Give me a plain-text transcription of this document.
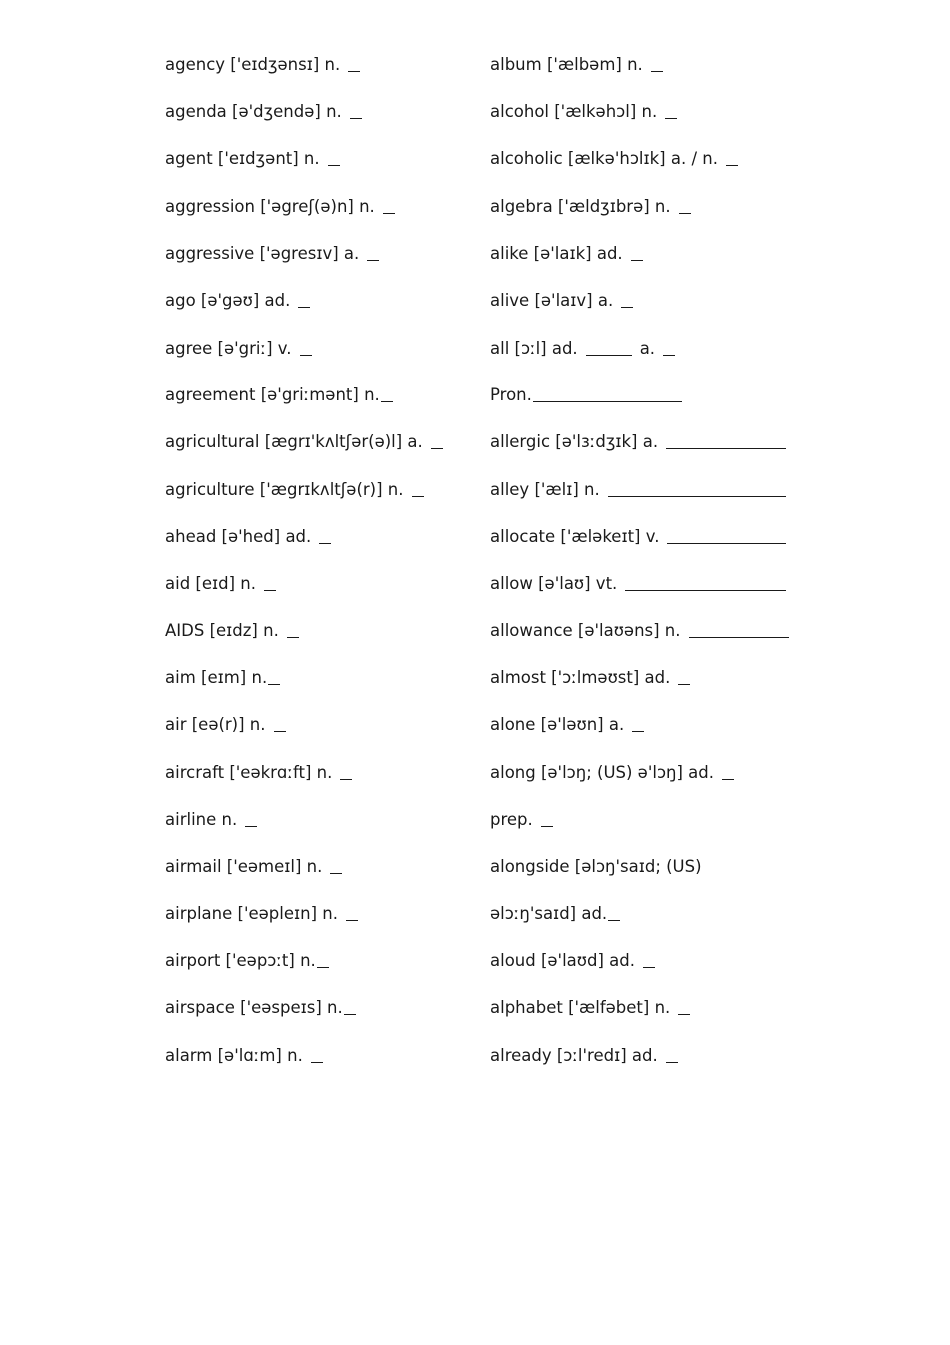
agency ['eɪdʒənsɪ] n.
agenda [ə'dʒendə] n.
agent ['eɪdʒənt] n.
aggression ['əgreʃ(ə)n] n.
aggressive ['əgresɪv] a.
ago [ə'gəʊ] ad.
agree [ə'griː] v.
agreement [ə'griːmənt] n.
agricultural [ægrɪ'kʌltʃər(ə)l] a.
agriculture ['ægrɪkʌltʃə(r)] n.
ahead [ə'hed] ad.
aid [eɪd] n.
AIDS [eɪdz] n.
aim [eɪm] n.
air [eə(r)] n.
aircraft ['eəkrɑːft] n.
airline n.
airmail ['eəmeɪl] n.
airplane ['eəpleɪn] n.
airport ['eəpɔːt] n.
airspace ['eəspeɪs] n.
alarm [ə'lɑːm] n.
album ['ælbəm] n.
alcohol ['ælkəhɔl] n.
alcoholic [ælkə'hɔlɪk] a. / n.
algebra ['ældʒɪbrə] n.
alike [ə'laɪk] ad.
alive [ə'laɪv] a.
all [ɔːl] ad.	a.
Pron.
allergic [ə'lɜːdʒɪk] a.
alley ['ælɪ] n.
allocate ['æləkeɪt] v.
allow [ə'laʊ] vt.
allowance [ə'laʊəns] n.
almost ['ɔːlməʊst] ad.
alone [ə'ləʊn] a.
along [ə'lɔŋ; (US) ə'lɔŋ] ad.
prep.
alongside [əlɔŋ'saɪd; (US)
əlɔːŋ'saɪd] ad.
aloud [ə'laʊd] ad.
alphabet ['ælfəbet] n.
already [ɔːl'redɪ] ad.
